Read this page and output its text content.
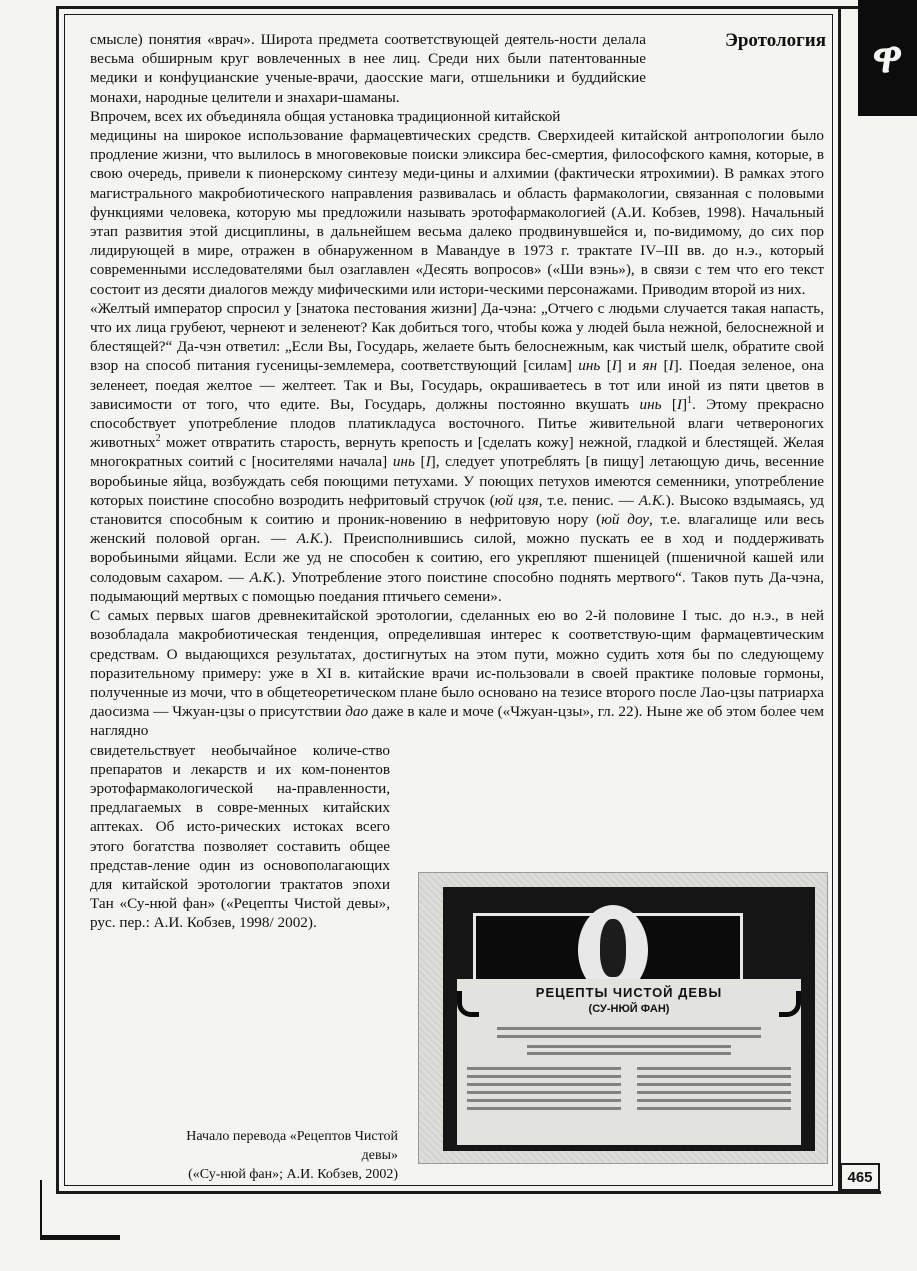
ዋ
Эротология

смысле) понятия «врач». Широта предмета соответствующей деятель-ности делала весьма обширным круг вовлеченных в нее лиц. Среди них были патентованные медики и конфуцианские ученые-врачи, даосские маги, отшельники и буддийские монахи, народные целители и знахари-шаманы.

Впрочем, всех их объединяла общая установка традиционной китайской

медицины на широкое использование фармацевтических средств. Сверхидеей китайской антропологии было продление жизни, что вылилось в многовековые поиски эликсира бес-смертия, философского камня, которые, в свою очередь, привели к пионерскому синтезу меди-цины и алхимии (фактически ятрохимии). В рамках этого магистрального макробиотического направления развивалась и область фармакологии, связанная с половыми функциями человека, которую мы предложили называть эротофармакологией (А.И. Кобзев, 1998). Начальный этап развития этой дисциплины, в дальнейшем весьма далеко продвинувшейся и, по-видимому, до сих пор лидирующей в мире, отражен в обнаруженном в Мавандуе в 1973 г. трактате IV–III вв. до н.э., который современными исследователями был озаглавлен «Десять вопросов» («Ши вэнь»), в связи с тем что его текст состоит из десяти диалогов между мифическими или истори-ческими персонажами. Приводим второй из них.

«Желтый император спросил у [знатока пестования жизни] Да-чэна: „Отчего с людьми случается такая напасть, что их лица грубеют, чернеют и зеленеют? Как добиться того, чтобы кожа у людей была нежной, белоснежной и блестящей?“ Да-чэн ответил: „Если Вы, Государь, желаете быть белоснежным, как чистый шелк, обратите свой взор на способ питания гусеницы-землемера, соответствующий [силам] инь [I] и ян [I]. Поедая зеленое, она зеленеет, поедая желтое — желтеет. Так и Вы, Государь, окрашиваетесь в тот или иной из пяти цветов в зависимости от того, что едите. Вы, Государь, должны постоянно вкушать инь $[I]^1$. Этому прекрасно способствует употребление плодов платикладуса восточного. Питье живительной влаги четвероногих животных$^2$ может отвратить старость, вернуть крепость и [сделать кожу] нежной, гладкой и блестящей. Желая многократных соитий с [носителями начала] инь [I], следует употреблять [в пищу] летающую дичь, весенние воробьиные яйца, возбуждать себя поющими петухами. У поющих петухов имеются семенники, употребление которых поистине способно возродить нефритовый стручок (юй цзя, т.е. пенис. — А.К.). Высоко вздымаясь, уд становится способным к соитию и проник-новению в нефритовую нору (юй доу, т.е. влагалище или весь женский половой орган. — А.К.). Преисполнившись силой, можно пускать ее в ход и поддерживать воробьиными яйцами. Если же уд не способен к соитию, его укрепляют пшеницей (пшеничной кашей или солодовым сахаром. — А.К.). Употребление этого поистине способно поднять мертвого“. Таков путь Да-чэна, подымающий мертвых с помощью поедания птичьего семени».

С самых первых шагов древнекитайской эротологии, сделанных ею во 2-й половине I тыс. до н.э., в ней возобладала макробиотическая тенденция, определившая интерес к соответствую-щим фармацевтическим средствам. О выдающихся результатах, достигнутых на этом пути, можно судить хотя бы по следующему поразительному примеру: уже в XI в. китайские врачи ис-пользовали в своей практике половые гормоны, полученные из мочи, что в общетеоретическом плане было основано на тезисе второго после Лао-цзы патриарха даосизма — Чжуан-цзы о присутствии дао даже в кале и моче («Чжуан-цзы», гл. 22). Ныне же об этом более чем наглядно

свидетельствует необычайное количе-ство препаратов и лекарств и их ком-понентов эротофармакологической на-правленности, предлагаемых в совре-менных китайских аптеках. Об исто-рических истоках всего этого богатства позволяет составить общее представ-ление один из основополагающих для китайской эротологии трактатов эпохи Тан «Су-нюй фан» («Рецепты Чистой девы», рус. пер.: А.И. Кобзев, 1998/ 2002).

РЕЦЕПТЫ ЧИСТОЙ ДЕВЫ
(СУ-НЮЙ ФАН)
Начало перевода «Рецептов Чистой девы»
(«Су-нюй фан»; А.И. Кобзев, 2002)	465
